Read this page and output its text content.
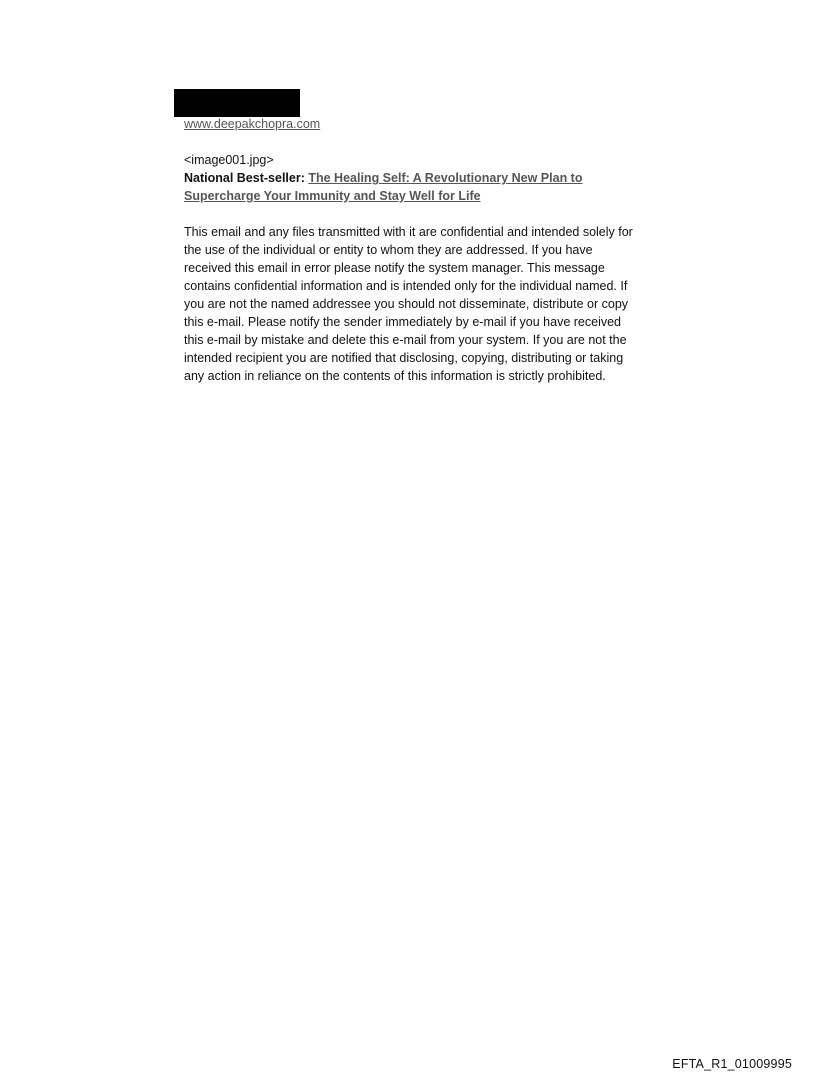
www.deepakchopra.com
<image001.jpg>
National Best-seller: The Healing Self: A Revolutionary New Plan to
Supercharge Your Immunity and Stay Well for Life
This email and any files transmitted with it are confidential and intended solely for the use of the individual or entity to whom they are addressed. If you have received this email in error please notify the system manager. This message contains confidential information and is intended only for the individual named. If you are not the named addressee you should not disseminate, distribute or copy this e-mail. Please notify the sender immediately by e-mail if you have received this e-mail by mistake and delete this e-mail from your system. If you are not the intended recipient you are notified that disclosing, copying, distributing or taking any action in reliance on the contents of this information is strictly prohibited.
EFTA_R1_01009995
